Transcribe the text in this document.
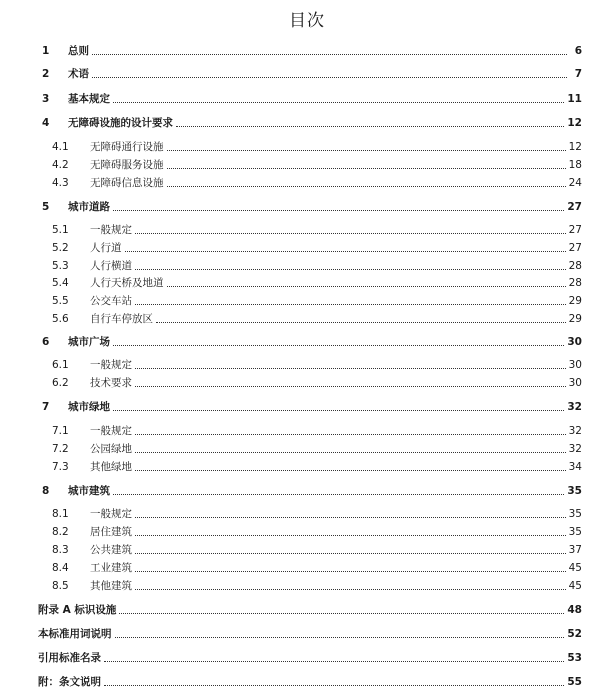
目次
1	总则	6
2	术语	7
3	基本规定	11
4	无障碍设施的设计要求	12
4.1	无障碍通行设施	12
4.2	无障碍服务设施	18
4.3	无障碍信息设施	24
5	城市道路	27
5.1	一般规定	27
5.2	人行道	27
5.3	人行横道	28
5.4	人行天桥及地道	28
5.5	公交车站	29
5.6	自行车停放区	29
6	城市广场	30
6.1	一般规定	30
6.2	技术要求	30
7	城市绿地	32
7.1	一般规定	32
7.2	公园绿地	32
7.3	其他绿地	34
8	城市建筑	35
8.1	一般规定	35
8.2	居住建筑	35
8.3	公共建筑	37
8.4	工业建筑	45
8.5	其他建筑	45
附录 A 标识设施	48
本标准用词说明	52
引用标准名录	53
附：条文说明	55
